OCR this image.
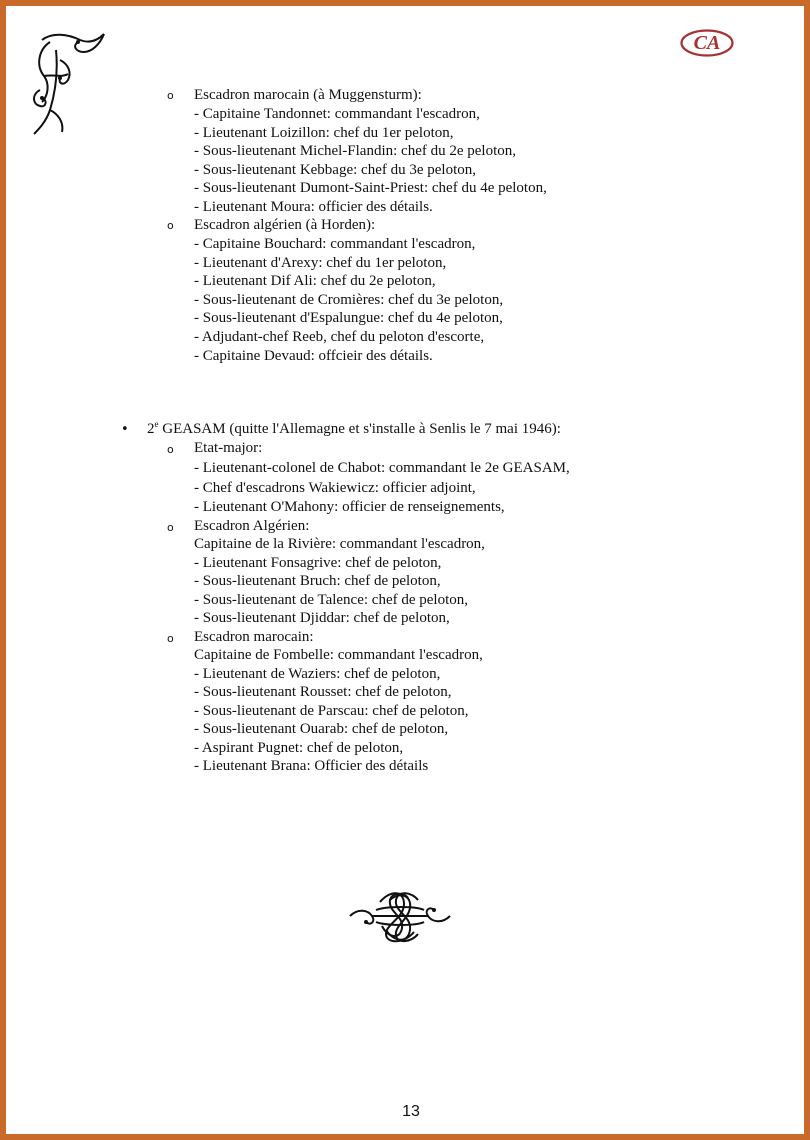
CA
o Escadron marocain (à Muggensturm):
- Capitaine Tandonnet: commandant l'escadron,
- Lieutenant Loizillon: chef du 1er peloton,
- Sous-lieutenant Michel-Flandin: chef du 2e peloton,
- Sous-lieutenant Kebbage: chef du 3e peloton,
- Sous-lieutenant Dumont-Saint-Priest: chef du 4e peloton,
- Lieutenant Moura: officier des détails.
o Escadron algérien (à Horden):
- Capitaine Bouchard: commandant l'escadron,
- Lieutenant d'Arexy: chef du 1er peloton,
- Lieutenant Dif Ali: chef du 2e peloton,
- Sous-lieutenant de Cromières: chef du 3e peloton,
- Sous-lieutenant d'Espalungue: chef du 4e peloton,
- Adjudant-chef Reeb, chef du peloton d'escorte,
- Capitaine Devaud: offcieir des détails.
• 2e GEASAM (quitte l'Allemagne et s'installe à Senlis le 7 mai 1946):
o Etat-major:
- Lieutenant-colonel de Chabot: commandant le 2e GEASAM,
- Chef d'escadrons Wakiewicz: officier adjoint,
- Lieutenant O'Mahony: officier de renseignements,
o Escadron Algérien:
Capitaine de la Rivière: commandant l'escadron,
- Lieutenant Fonsagrive: chef de peloton,
- Sous-lieutenant Bruch: chef de peloton,
- Sous-lieutenant de Talence: chef de peloton,
- Sous-lieutenant Djiddar: chef de peloton,
o Escadron marocain:
Capitaine de Fombelle: commandant l'escadron,
- Lieutenant de Waziers: chef de peloton,
- Sous-lieutenant Rousset: chef de peloton,
- Sous-lieutenant de Parscau: chef de peloton,
- Sous-lieutenant Ouarab: chef de peloton,
- Aspirant Pugnet: chef de peloton,
- Lieutenant Brana: Officier des détails
13
